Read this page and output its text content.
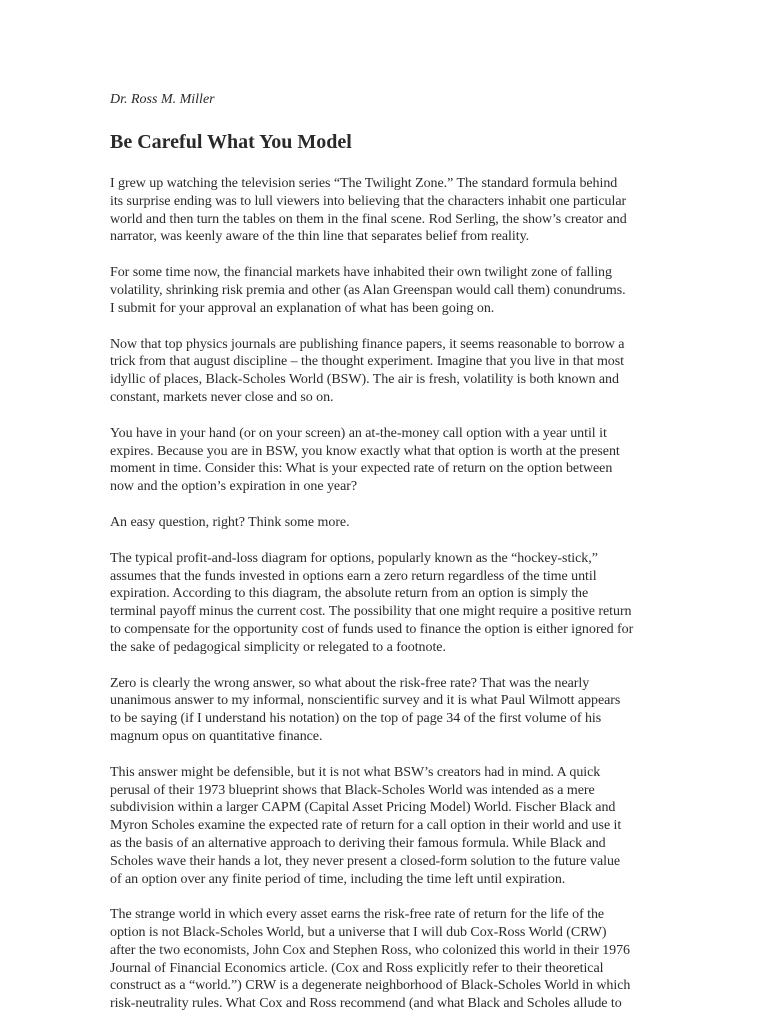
Dr. Ross M. Miller
Be Careful What You Model

I grew up watching the television series “The Twilight Zone.” The standard formula behind
its surprise ending was to lull viewers into believing that the characters inhabit one particular
world and then turn the tables on them in the final scene. Rod Serling, the show’s creator and
narrator, was keenly aware of the thin line that separates belief from reality.

For some time now, the financial markets have inhabited their own twilight zone of falling
volatility, shrinking risk premia and other (as Alan Greenspan would call them) conundrums.
I submit for your approval an explanation of what has been going on.

Now that top physics journals are publishing finance papers, it seems reasonable to borrow a
trick from that august discipline – the thought experiment. Imagine that you live in that most
idyllic of places, Black-Scholes World (BSW). The air is fresh, volatility is both known and
constant, markets never close and so on.

You have in your hand (or on your screen) an at-the-money call option with a year until it
expires. Because you are in BSW, you know exactly what that option is worth at the present
moment in time. Consider this: What is your expected rate of return on the option between
now and the option’s expiration in one year?

An easy question, right? Think some more.

The typical profit-and-loss diagram for options, popularly known as the “hockey-stick,”
assumes that the funds invested in options earn a zero return regardless of the time until
expiration. According to this diagram, the absolute return from an option is simply the
terminal payoff minus the current cost. The possibility that one might require a positive return
to compensate for the opportunity cost of funds used to finance the option is either ignored for
the sake of pedagogical simplicity or relegated to a footnote.

Zero is clearly the wrong answer, so what about the risk-free rate? That was the nearly
unanimous answer to my informal, nonscientific survey and it is what Paul Wilmott appears
to be saying (if I understand his notation) on the top of page 34 of the first volume of his
magnum opus on quantitative finance.

This answer might be defensible, but it is not what BSW’s creators had in mind. A quick
perusal of their 1973 blueprint shows that Black-Scholes World was intended as a mere
subdivision within a larger CAPM (Capital Asset Pricing Model) World. Fischer Black and
Myron Scholes examine the expected rate of return for a call option in their world and use it
as the basis of an alternative approach to deriving their famous formula. While Black and
Scholes wave their hands a lot, they never present a closed-form solution to the future value
of an option over any finite period of time, including the time left until expiration.

The strange world in which every asset earns the risk-free rate of return for the life of the
option is not Black-Scholes World, but a universe that I will dub Cox-Ross World (CRW)
after the two economists, John Cox and Stephen Ross, who colonized this world in their 1976
Journal of Financial Economics article. (Cox and Ross explicitly refer to their theoretical
construct as a “world.”) CRW is a degenerate neighborhood of Black-Scholes World in which
risk-neutrality rules. What Cox and Ross recommend (and what Black and Scholes allude to
